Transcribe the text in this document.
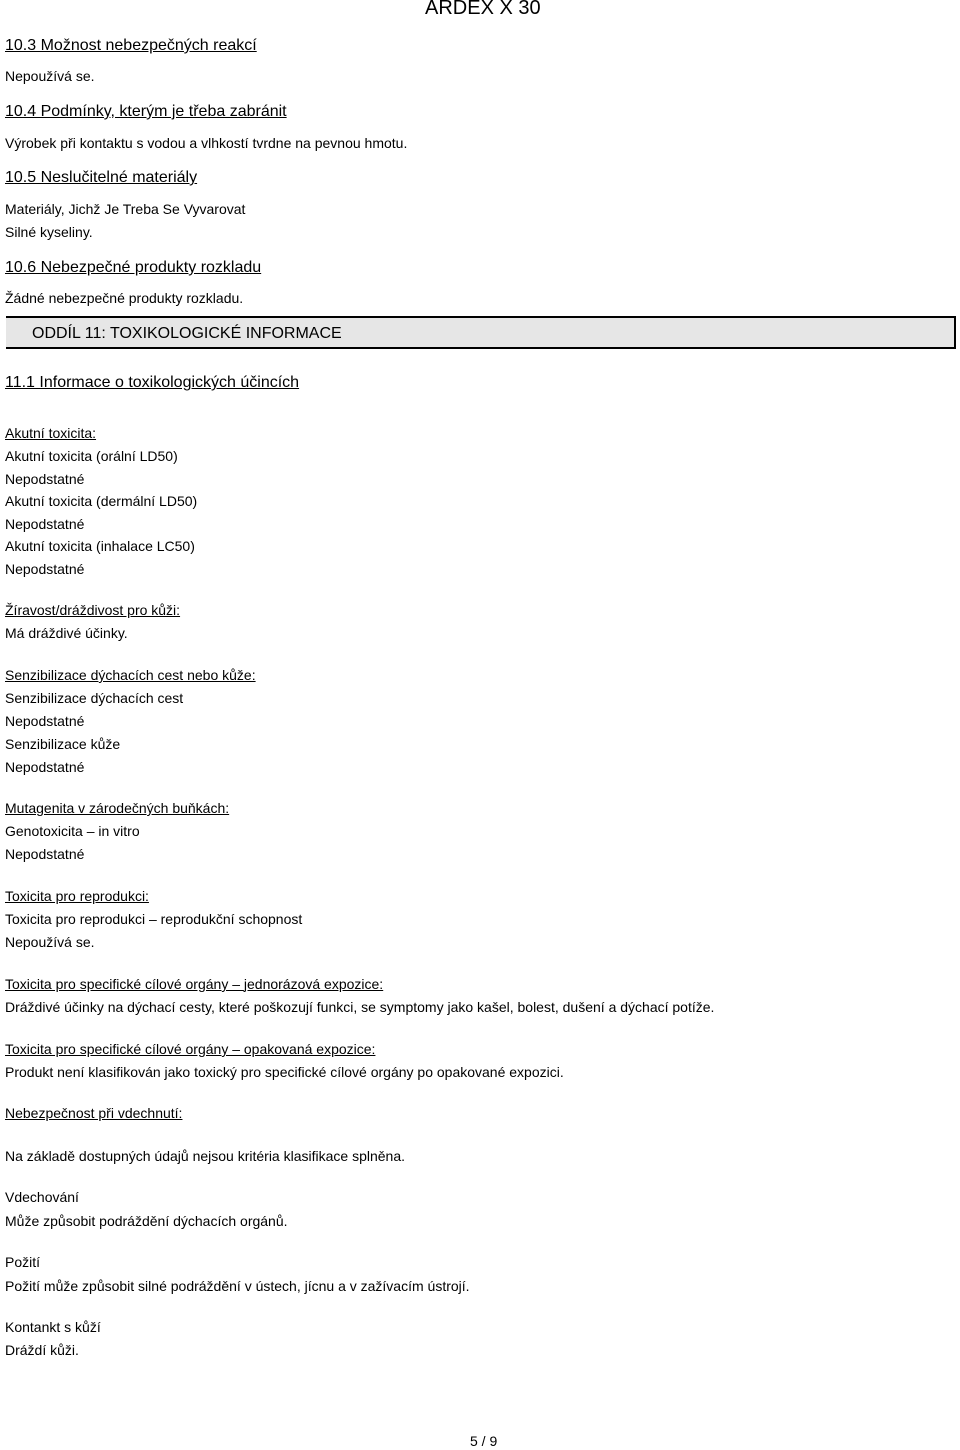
ARDEX X 30
10.3 Možnost nebezpečných reakcí
Nepoužívá se.
10.4 Podmínky, kterým je třeba zabránit
Výrobek při kontaktu s vodou a vlhkostí tvrdne na pevnou hmotu.
10.5 Neslučitelné materiály
Materiály, Jichž Je Treba Se Vyvarovat
Silné kyseliny.
10.6 Nebezpečné produkty rozkladu
Žádné nebezpečné produkty rozkladu.
ODDÍL 11: TOXIKOLOGICKÉ INFORMACE
11.1 Informace o toxikologických účincích
Akutní toxicita:
Akutní toxicita (orální LD50)
Nepodstatné
Akutní toxicita (dermální LD50)
Nepodstatné
Akutní toxicita (inhalace LC50)
Nepodstatné
Žíravost/dráždivost pro kůži:
Má dráždivé účinky.
Senzibilizace dýchacích cest nebo kůže:
Senzibilizace dýchacích cest
Nepodstatné
Senzibilizace kůže
Nepodstatné
Mutagenita v zárodečných buňkách:
Genotoxicita – in vitro
Nepodstatné
Toxicita pro reprodukci:
Toxicita pro reprodukci – reprodukční schopnost
Nepoužívá se.
Toxicita pro specifické cílové orgány – jednorázová expozice:
Dráždivé účinky na dýchací cesty, které poškozují funkci, se symptomy jako kašel, bolest, dušení a dýchací potíže.
Toxicita pro specifické cílové orgány – opakovaná expozice:
Produkt není klasifikován jako toxický pro specifické cílové orgány po opakované expozici.
Nebezpečnost při vdechnutí:
Na základě dostupných údajů nejsou kritéria klasifikace splněna.
Vdechování
Může způsobit podráždění dýchacích orgánů.
Požití
Požití může způsobit silné podráždění v ústech, jícnu a v zažívacím ústrojí.
Kontankt s kůží
Dráždí kůži.
5 / 9
